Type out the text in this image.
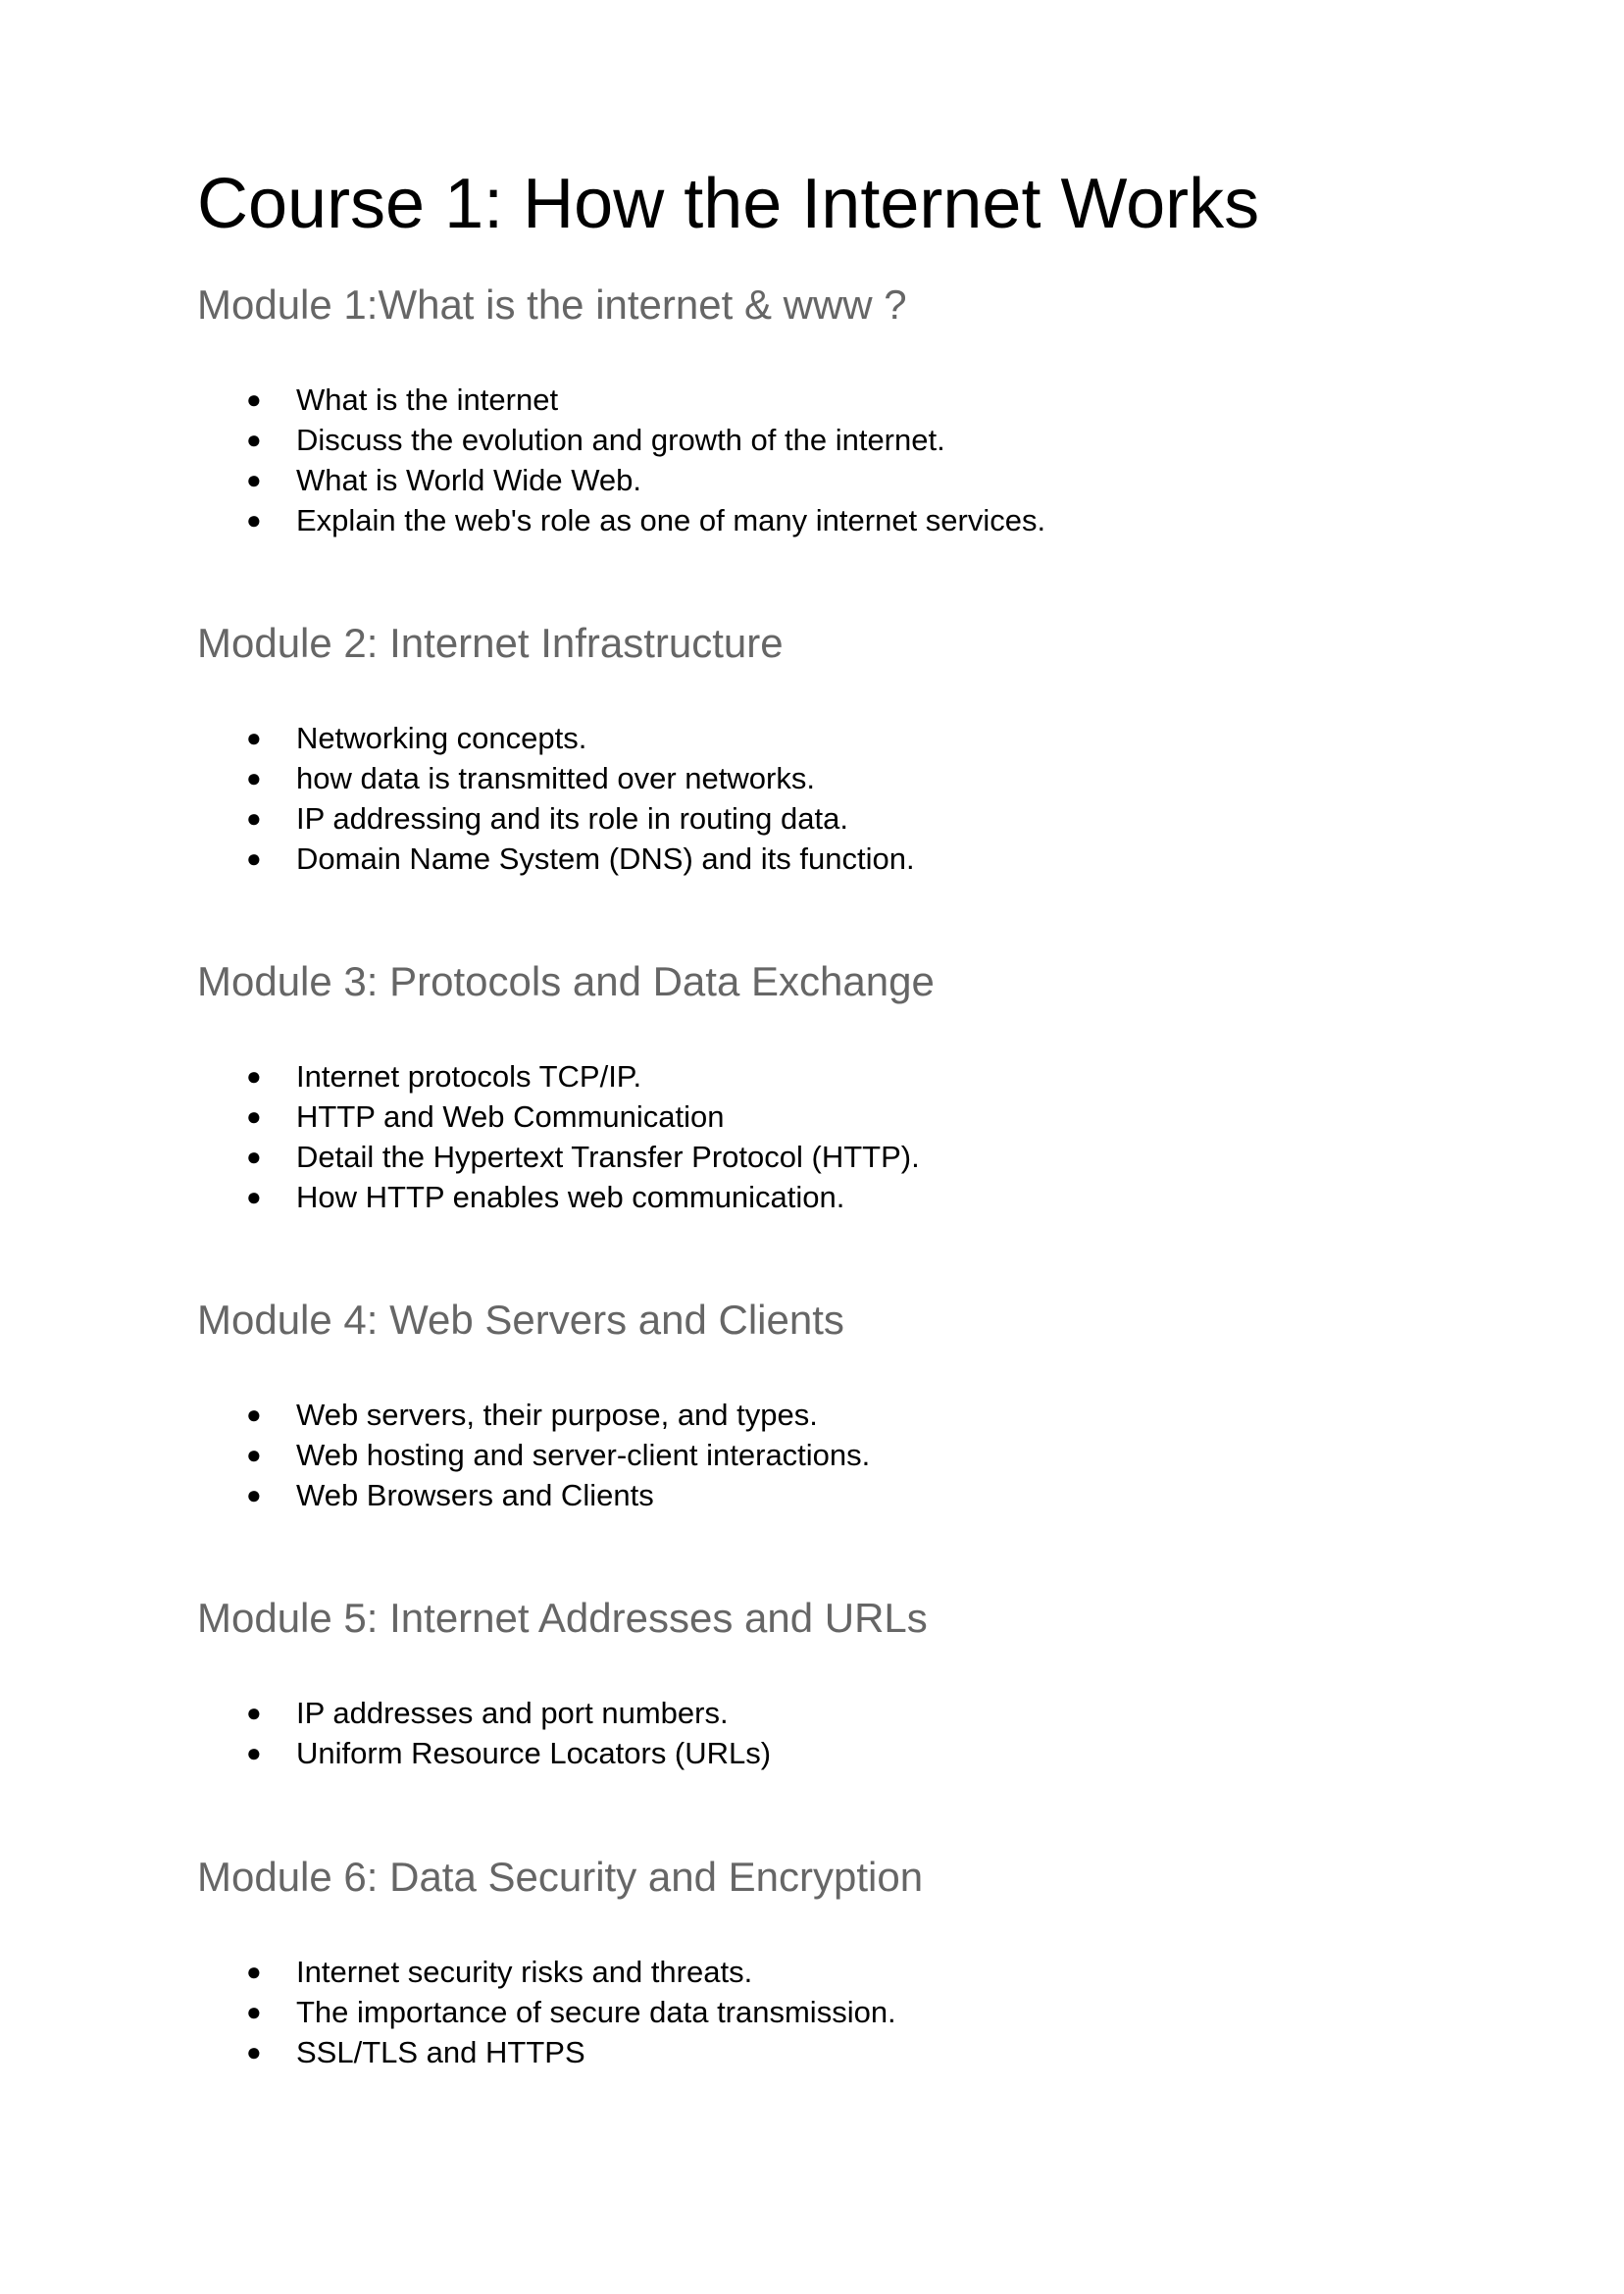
Course 1: How the Internet Works
Module 1:What is the internet & www ?
● What is the internet
● Discuss the evolution and growth of the internet.
● What is World Wide Web.
● Explain the web's role as one of many internet services.
Module 2: Internet Infrastructure
● Networking concepts.
● how data is transmitted over networks.
● IP addressing and its role in routing data.
● Domain Name System (DNS) and its function.
Module 3: Protocols and Data Exchange
● Internet protocols TCP/IP.
● HTTP and Web Communication
● Detail the Hypertext Transfer Protocol (HTTP).
● How HTTP enables web communication.
Module 4: Web Servers and Clients
● Web servers, their purpose, and types.
● Web hosting and server-client interactions.
● Web Browsers and Clients
Module 5: Internet Addresses and URLs
● IP addresses and port numbers.
● Uniform Resource Locators (URLs)
Module 6: Data Security and Encryption
● Internet security risks and threats.
● The importance of secure data transmission.
● SSL/TLS and HTTPS
